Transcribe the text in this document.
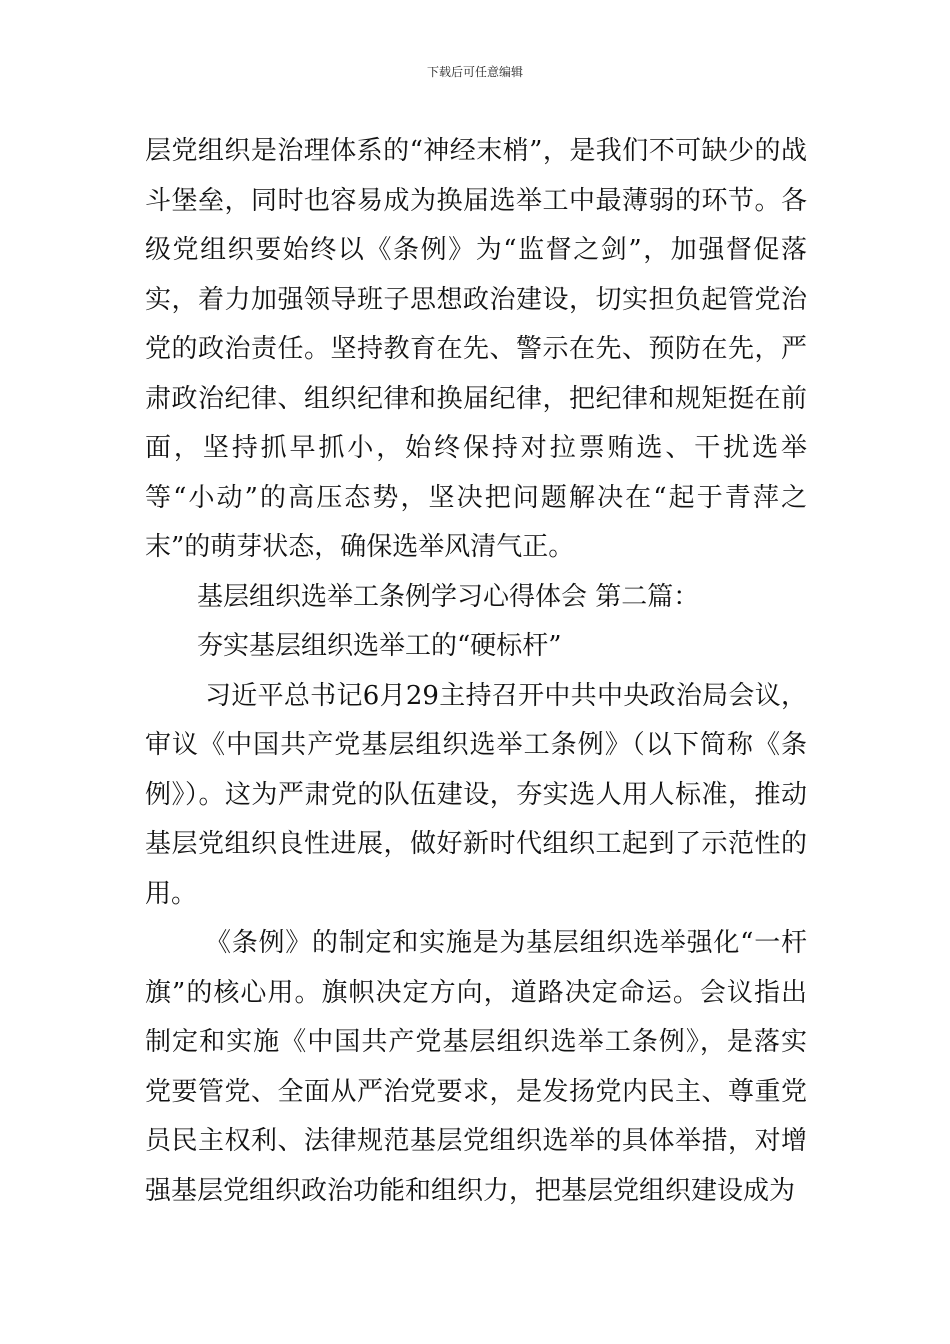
下载后可任意编辑

层党组织是治理体系的“神经末梢”，是我们不可缺少的战斗堡垒，同时也容易成为换届选举工中最薄弱的环节。各级党组织要始终以《条例》为“监督之剑”，加强督促落实，着力加强领导班子思想政治建设，切实担负起管党治党的政治责任。坚持教育在先、警示在先、预防在先，严肃政治纪律、组织纪律和换届纪律，把纪律和规矩挺在前面，坚持抓早抓小，始终保持对拉票贿选、干扰选举等“小动”的高压态势，坚决把问题解决在“起于青萍之末”的萌芽状态，确保选举风清气正。

基层组织选举工条例学习心得体会 第二篇：

夯实基层组织选举工的“硬标杆”

习近平总书记6月29主持召开中共中央政治局会议，审议《中国共产党基层组织选举工条例》（以下简称《条例》）。这为严肃党的队伍建设，夯实选人用人标准，推动基层党组织良性进展，做好新时代组织工起到了示范性的用。

《条例》的制定和实施是为基层组织选举强化“一杆旗”的核心用。旗帜决定方向，道路决定命运。会议指出制定和实施《中国共产党基层组织选举工条例》，是落实党要管党、全面从严治党要求，是发扬党内民主、尊重党员民主权利、法律规范基层党组织选举的具体举措，对增强基层党组织政治功能和组织力，把基层党组织建设成为
